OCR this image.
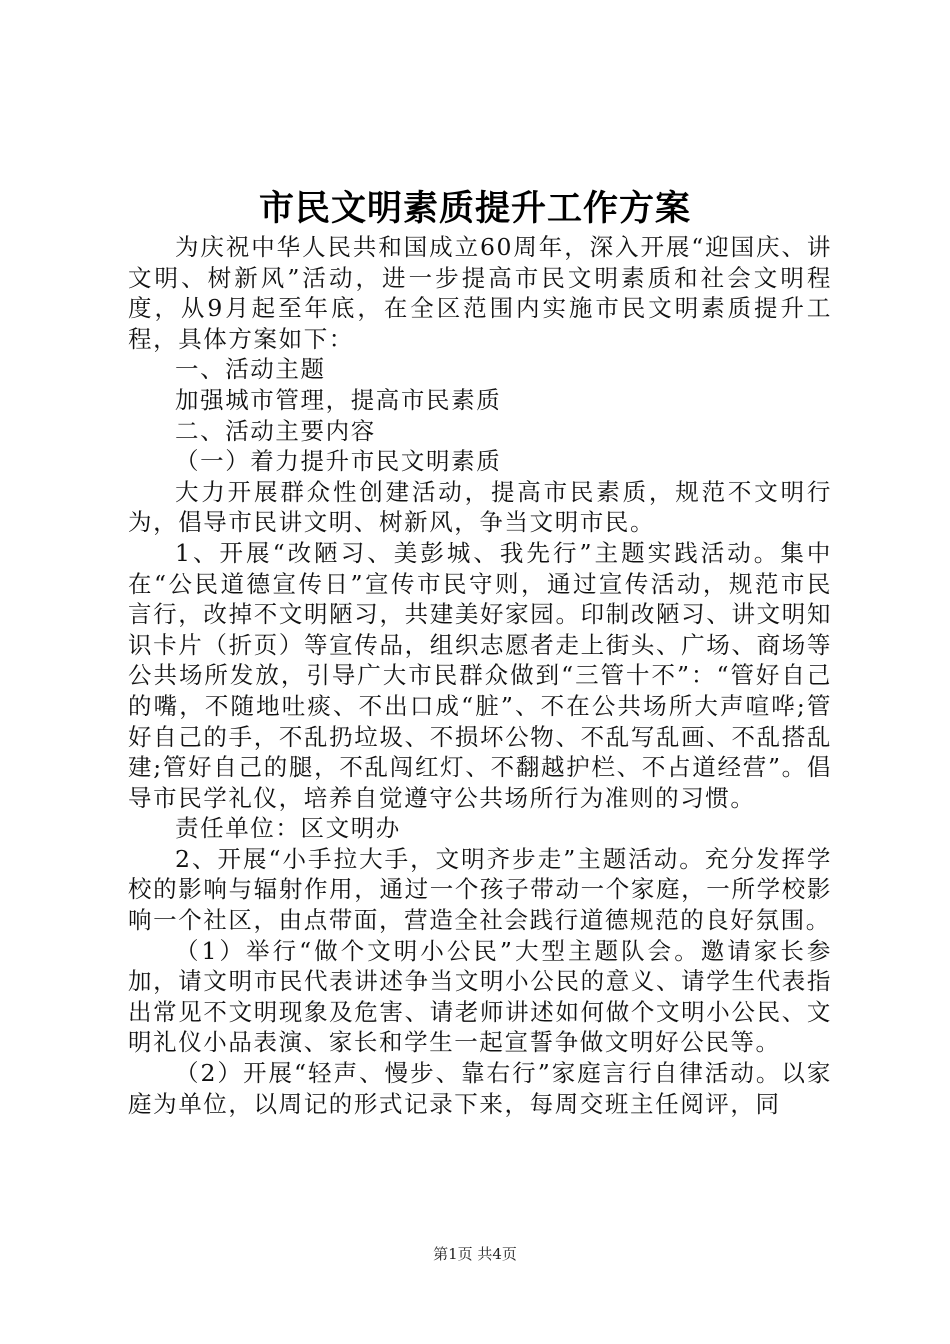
市民文明素质提升工作方案

为庆祝中华人民共和国成立60周年，深入开展“迎国庆、讲文明、树新风”活动，进一步提高市民文明素质和社会文明程度，从9月起至年底，在全区范围内实施市民文明素质提升工程，具体方案如下：

一、活动主题

加强城市管理，提高市民素质

二、活动主要内容

（一）着力提升市民文明素质

大力开展群众性创建活动，提高市民素质，规范不文明行为，倡导市民讲文明、树新风，争当文明市民。

1、开展“改陋习、美彭城、我先行”主题实践活动。集中在“公民道德宣传日”宣传市民守则，通过宣传活动，规范市民言行，改掉不文明陋习，共建美好家园。印制改陋习、讲文明知识卡片（折页）等宣传品，组织志愿者走上街头、广场、商场等公共场所发放，引导广大市民群众做到“三管十不”：“管好自己的嘴，不随地吐痰、不出口成“脏”、不在公共场所大声喧哗;管好自己的手，不乱扔垃圾、不损坏公物、不乱写乱画、不乱搭乱建;管好自己的腿，不乱闯红灯、不翻越护栏、不占道经营”。倡导市民学礼仪，培养自觉遵守公共场所行为准则的习惯。

责任单位：区文明办

2、开展“小手拉大手，文明齐步走”主题活动。充分发挥学校的影响与辐射作用，通过一个孩子带动一个家庭，一所学校影响一个社区，由点带面，营造全社会践行道德规范的良好氛围。

（1）举行“做个文明小公民”大型主题队会。邀请家长参加，请文明市民代表讲述争当文明小公民的意义、请学生代表指出常见不文明现象及危害、请老师讲述如何做个文明小公民、文明礼仪小品表演、家长和学生一起宣誓争做文明好公民等。

（2）开展“轻声、慢步、靠右行”家庭言行自律活动。以家庭为单位，以周记的形式记录下来，每周交班主任阅评，同

第1页 共4页
